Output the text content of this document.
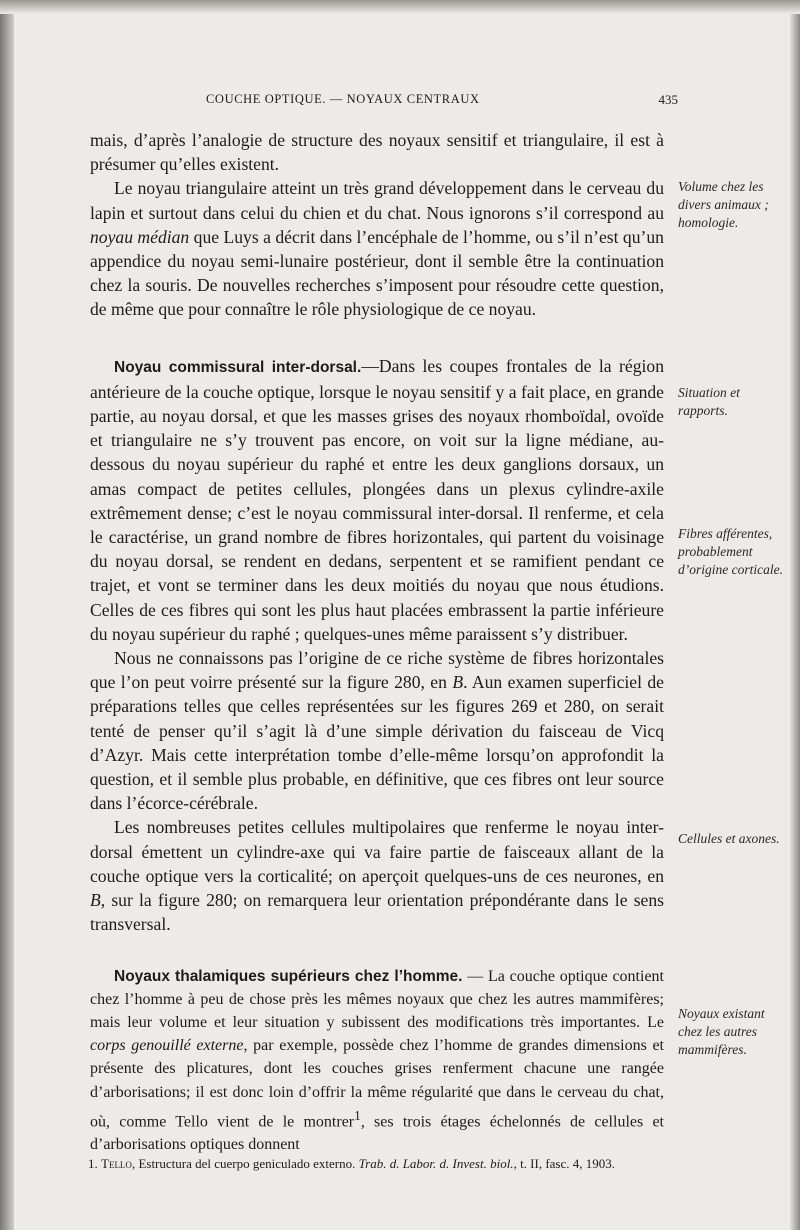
COUCHE OPTIQUE. — NOYAUX CENTRAUX	435

mais, d’après l’analogie de structure des noyaux sensitif et triangulaire, il est à présumer qu’elles existent.

Le noyau triangulaire atteint un très grand développement dans le cerveau du lapin et surtout dans celui du chien et du chat. Nous ignorons s’il correspond au noyau médian que Luys a décrit dans l’encéphale de l’homme, ou s’il n’est qu’un appendice du noyau semi-lunaire postérieur, dont il semble être la continuation chez la souris. De nouvelles recherches s’imposent pour résoudre cette question, de même que pour connaître le rôle physiologique de ce noyau.

Noyau commissural inter-dorsal.—Dans les coupes frontales de la région antérieure de la couche optique, lorsque le noyau sensitif y a fait place, en grande partie, au noyau dorsal, et que les masses grises des noyaux rhomboïdal, ovoïde et triangulaire ne s’y trouvent pas encore, on voit sur la ligne médiane, au-dessous du noyau supérieur du raphé et entre les deux ganglions dorsaux, un amas compact de petites cellules, plongées dans un plexus cylindre-axile extrêmement dense; c’est le noyau commissural inter-dorsal. Il renferme, et cela le caractérise, un grand nombre de fibres horizontales, qui partent du voisinage du noyau dorsal, se rendent en dedans, serpentent et se ramifient pendant ce trajet, et vont se terminer dans les deux moitiés du noyau que nous étudions. Celles de ces fibres qui sont les plus haut placées embrassent la partie inférieure du noyau supérieur du raphé ; quelques-unes même paraissent s’y distribuer.

Nous ne connaissons pas l’origine de ce riche système de fibres horizontales que l’on peut voirre présenté sur la figure 280, en B. Aun examen superficiel de préparations telles que celles représentées sur les figures 269 et 280, on serait tenté de penser qu’il s’agit là d’une simple dérivation du faisceau de Vicq d’Azyr. Mais cette interprétation tombe d’elle-même lorsqu’on approfondit la question, et il semble plus probable, en définitive, que ces fibres ont leur source dans l’écorce-cérébrale.

Les nombreuses petites cellules multipolaires que renferme le noyau inter-dorsal émettent un cylindre-axe qui va faire partie de faisceaux allant de la couche optique vers la corticalité; on aperçoit quelques-uns de ces neurones, en B, sur la figure 280; on remarquera leur orientation prépondérante dans le sens transversal.

Noyaux thalamiques supérieurs chez l’homme. — La couche optique contient chez l’homme à peu de chose près les mêmes noyaux que chez les autres mammifères; mais leur volume et leur situation y subissent des modifications très importantes. Le corps genouillé externe, par exemple, possède chez l’homme de grandes dimensions et présente des plicatures, dont les couches grises renferment chacune une rangée d’arborisations; il est donc loin d’offrir la même régularité que dans le cerveau du chat, où, comme Tello vient de le montrer$^1$, ses trois étages échelonnés de cellules et d’arborisations optiques donnent

Volume chez les divers animaux ; homologie.
Situation et rapports.
Fibres afférentes, probablement d’origine corticale.
Cellules et axones.
Noyaux existant chez les autres mammifères.

1. Tello, Estructura del cuerpo geniculado externo. Trab. d. Labor. d. Invest. biol., t. II, fasc. 4, 1903.
